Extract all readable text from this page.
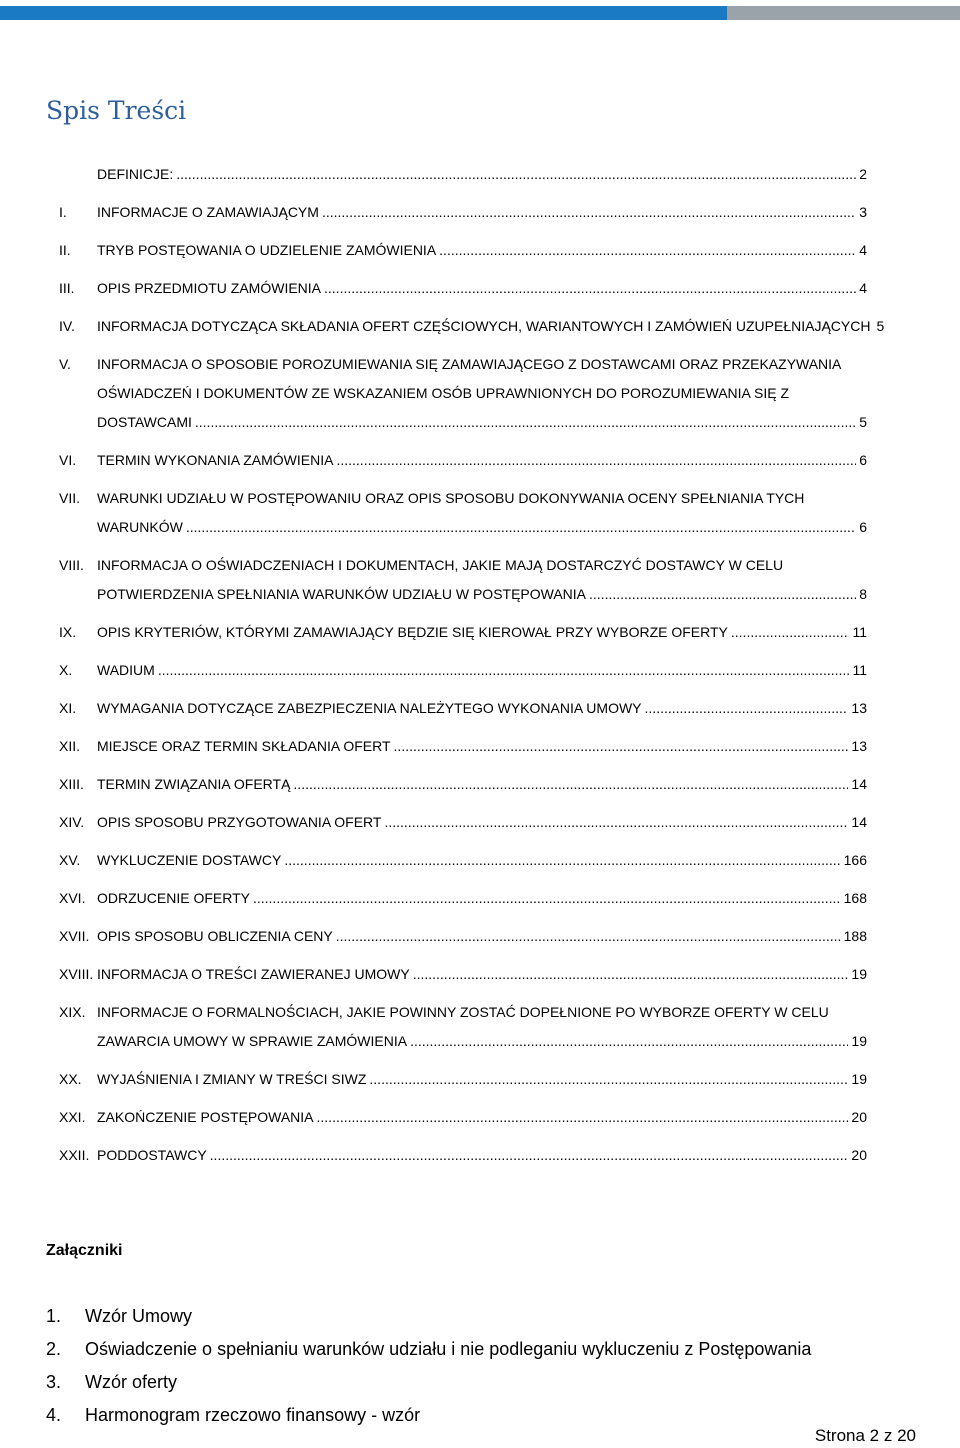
Spis Treści
DEFINICJE: .....	2
I.	INFORMACJE O ZAMAWIAJĄCYM .....	3
II.	TRYB POSTĘOWANIA O UDZIELENIE ZAMÓWIENIA .....	4
III.	OPIS PRZEDMIOTU ZAMÓWIENIA .....	4
IV.	INFORMACJA DOTYCZĄCA SKŁADANIA OFERT CZĘŚCIOWYCH, WARIANTOWYCH I ZAMÓWIEŃ UZUPEŁNIAJĄCYCH 5
V.	INFORMACJA O SPOSOBIE POROZUMIEWANIA SIĘ ZAMAWIAJĄCEGO Z DOSTAWCAMI ORAZ PRZEKAZYWANIA
OŚWIADCZEŃ I DOKUMENTÓW ZE WSKAZANIEM OSÓB UPRAWNIONYCH DO POROZUMIEWANIA SIĘ Z
DOSTAWCAMI .....	5
VI.	TERMIN WYKONANIA ZAMÓWIENIA .....	6
VII.	WARUNKI UDZIAŁU W POSTĘPOWANIU ORAZ OPIS SPOSOBU DOKONYWANIA OCENY SPEŁNIANIA TYCH
WARUNKÓW .....	6
VIII. INFORMACJA O OŚWIADCZENIACH I DOKUMENTACH, JAKIE MAJĄ DOSTARCZYĆ DOSTAWCY W CELU
POTWIERDZENIA SPEŁNIANIA WARUNKÓW UDZIAŁU W POSTĘPOWANIA .....	8
IX.	OPIS KRYTERIÓW, KTÓRYMI ZAMAWIAJĄCY BĘDZIE SIĘ KIEROWAŁ PRZY WYBORZE OFERTY .....	11
X.	WADIUM .....	11
XI.	WYMAGANIA DOTYCZĄCE ZABEZPIECZENIA NALEŻYTEGO WYKONANIA UMOWY .....	13
XII.	MIEJSCE ORAZ TERMIN SKŁADANIA OFERT .....	13
XIII. TERMIN ZWIĄZANIA OFERTĄ .....	14
XIV. OPIS SPOSOBU PRZYGOTOWANIA OFERT .....	14
XV.	WYKLUCZENIE DOSTAWCY .....	166
XVI. ODRZUCENIE OFERTY .....	168
XVII. OPIS SPOSOBU OBLICZENIA CENY .....	188
XVIII. INFORMACJA O TREŚCI ZAWIERANEJ UMOWY .....	19
XIX. INFORMACJE O FORMALNOŚCIACH, JAKIE POWINNY ZOSTAĆ DOPEŁNIONE PO WYBORZE OFERTY W CELU
ZAWARCIA UMOWY W SPRAWIE ZAMÓWIENIA .....	19
XX.	WYJAŚNIENIA I ZMIANY W TREŚCI SIWZ .....	19
XXI. ZAKOŃCZENIE POSTĘPOWANIA .....	20
XXII. PODDOSTAWCY .....	20
Załączniki
1.	Wzór Umowy
2.	Oświadczenie o spełnianiu warunków udziału i nie podleganiu wykluczeniu z Postępowania
3.	Wzór oferty
4.	Harmonogram rzeczowo finansowy - wzór
Strona 2 z 20
